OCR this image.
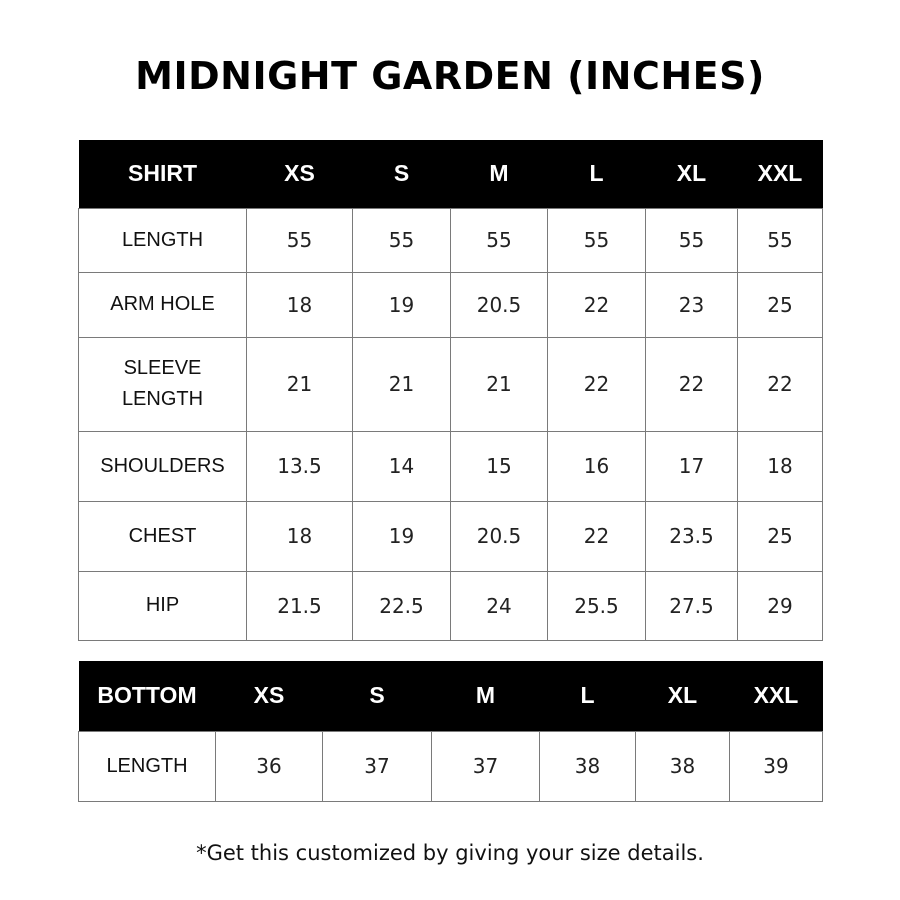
MIDNIGHT GARDEN (INCHES)
SHIRT	XS	S	M	L	XL	XXL
LENGTH	55	55	55	55	55	55
ARM HOLE	18	19	20.5	22	23	25
SLEEVE LENGTH	21	21	21	22	22	22
SHOULDERS	13.5	14	15	16	17	18
CHEST	18	19	20.5	22	23.5	25
HIP	21.5	22.5	24	25.5	27.5	29
BOTTOM	XS	S	M	L	XL	XXL
LENGTH	36	37	37	38	38	39
*Get this customized by giving your size details.
